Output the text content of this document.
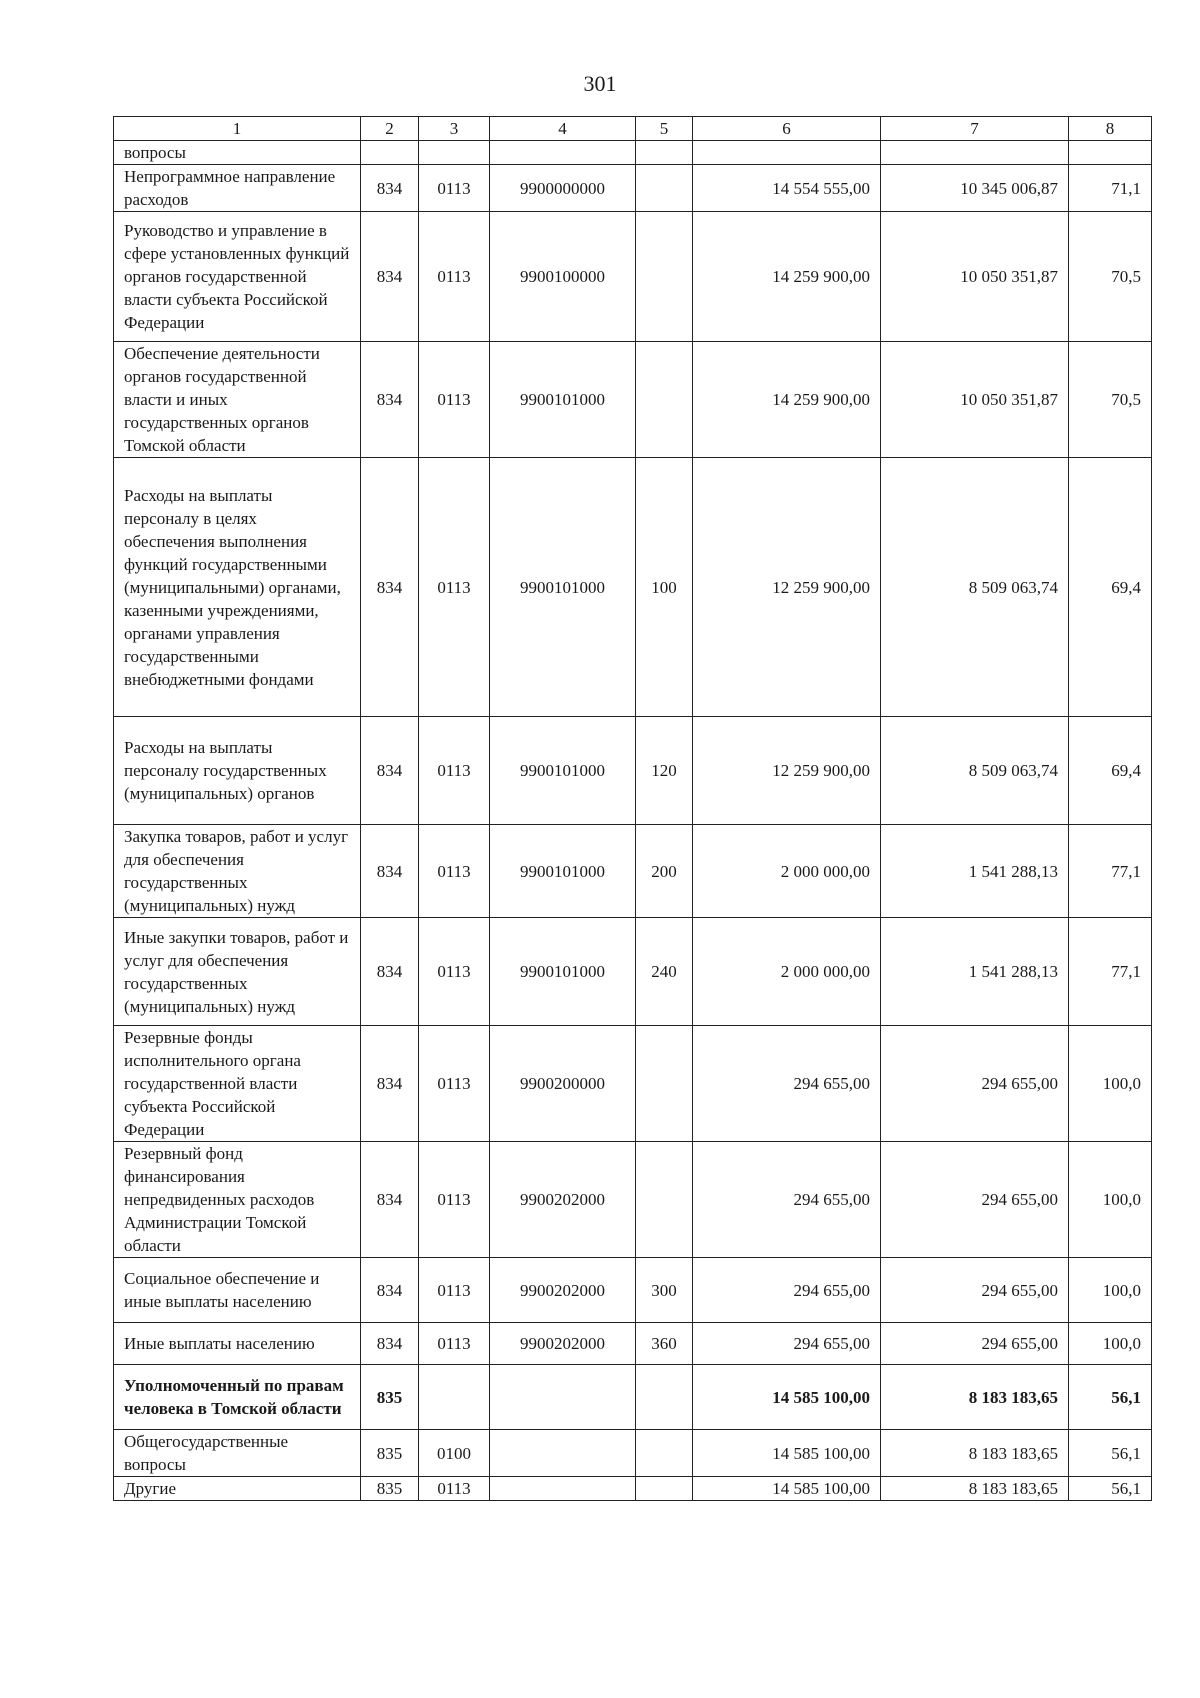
301
1	2	3	4	5	6	7	8
вопросы							
Непрограммное направление расходов	834	0113	9900000000		14 554 555,00	10 345 006,87	71,1
Руководство и управление в сфере установленных функций органов государственной власти субъекта Российской Федерации	834	0113	9900100000		14 259 900,00	10 050 351,87	70,5
Обеспечение деятельности органов государственной власти и иных государственных органов Томской области	834	0113	9900101000		14 259 900,00	10 050 351,87	70,5
Расходы на выплаты персоналу в целях обеспечения выполнения функций государственными (муниципальными) органами, казенными учреждениями, органами управления государственными внебюджетными фондами	834	0113	9900101000	100	12 259 900,00	8 509 063,74	69,4
Расходы на выплаты персоналу государственных (муниципальных) органов	834	0113	9900101000	120	12 259 900,00	8 509 063,74	69,4
Закупка товаров, работ и услуг для обеспечения государственных (муниципальных) нужд	834	0113	9900101000	200	2 000 000,00	1 541 288,13	77,1
Иные закупки товаров, работ и услуг для обеспечения государственных (муниципальных) нужд	834	0113	9900101000	240	2 000 000,00	1 541 288,13	77,1
Резервные фонды исполнительного органа государственной власти субъекта Российской Федерации	834	0113	9900200000		294 655,00	294 655,00	100,0
Резервный фонд финансирования непредвиденных расходов Администрации Томской области	834	0113	9900202000		294 655,00	294 655,00	100,0
Социальное обеспечение и иные выплаты населению	834	0113	9900202000	300	294 655,00	294 655,00	100,0
Иные выплаты населению	834	0113	9900202000	360	294 655,00	294 655,00	100,0
Уполномоченный по правам человека в Томской области	835				14 585 100,00	8 183 183,65	56,1
Общегосударственные вопросы	835	0100			14 585 100,00	8 183 183,65	56,1
Другие	835	0113			14 585 100,00	8 183 183,65	56,1
